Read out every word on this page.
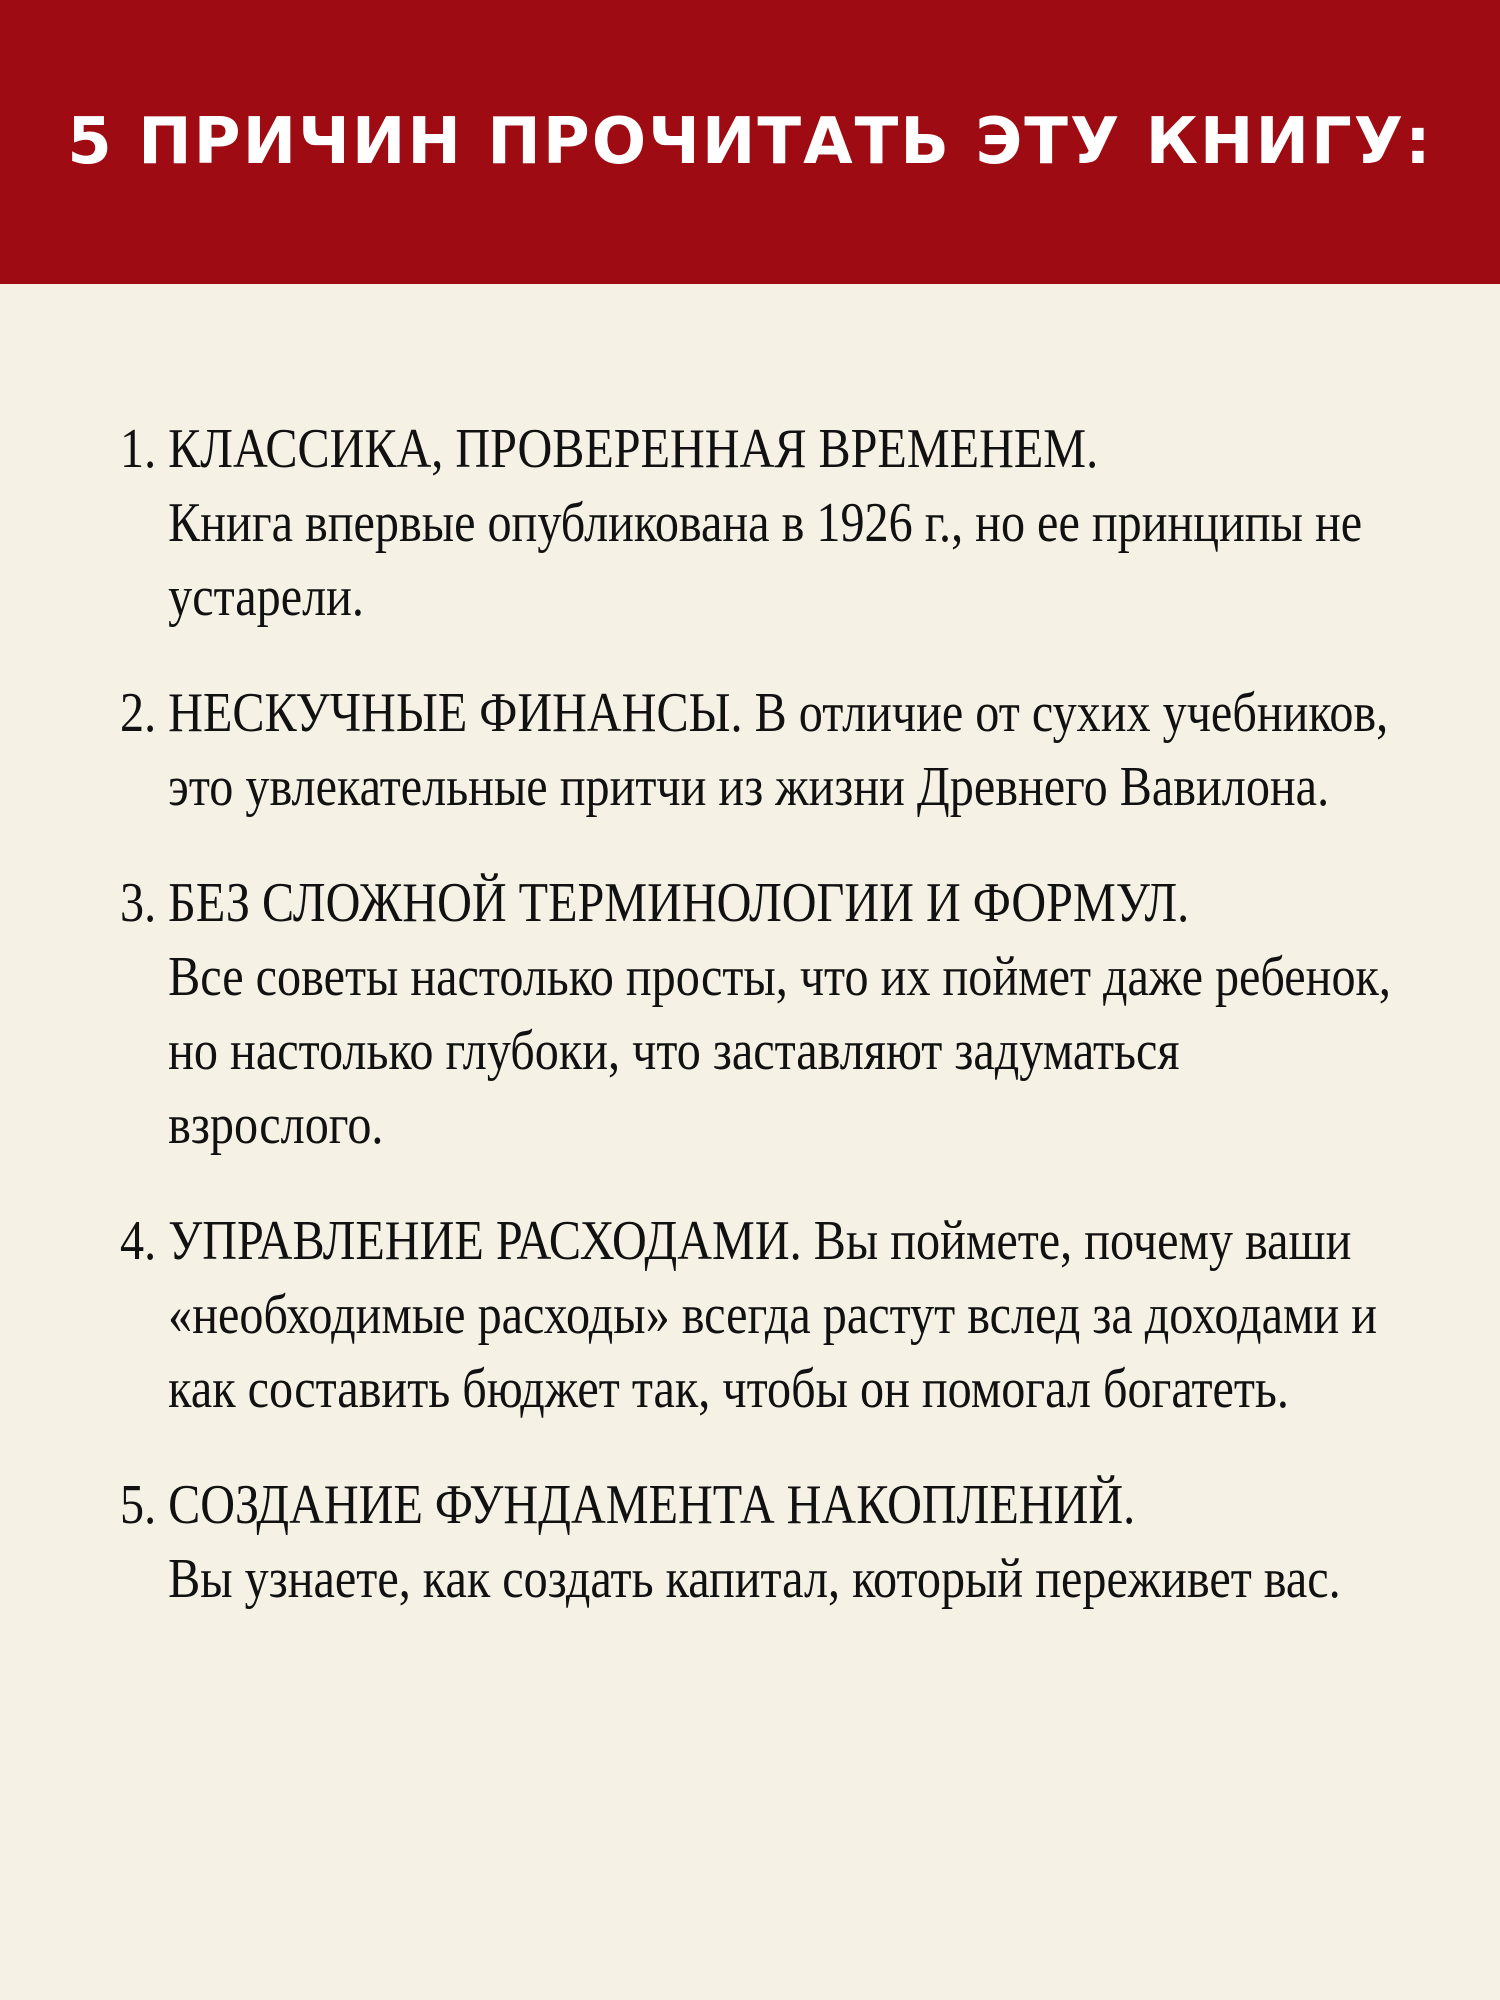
5 ПРИЧИН ПРОЧИТАТЬ ЭТУ КНИГУ:
1. КЛАССИКА, ПРОВЕРЕННАЯ ВРЕМЕНЕМ.
Книга впервые опубликована в 1926 г., но ее принципы не устарели.
2. НЕСКУЧНЫЕ ФИНАНСЫ. В отличие от сухих учебников, это увлекательные притчи из жизни Древнего Вавилона.
3. БЕЗ СЛОЖНОЙ ТЕРМИНОЛОГИИ И ФОРМУЛ.
Все советы настолько просты, что их поймет даже ребенок, но настолько глубоки, что заставляют задуматься взрослого.
4. УПРАВЛЕНИЕ РАСХОДАМИ. Вы поймете, почему ваши «необходимые расходы» всегда растут вслед за доходами и как составить бюджет так, чтобы он помогал богатеть.
5. СОЗДАНИЕ ФУНДАМЕНТА НАКОПЛЕНИЙ.
Вы узнаете, как создать капитал, который переживет вас.
